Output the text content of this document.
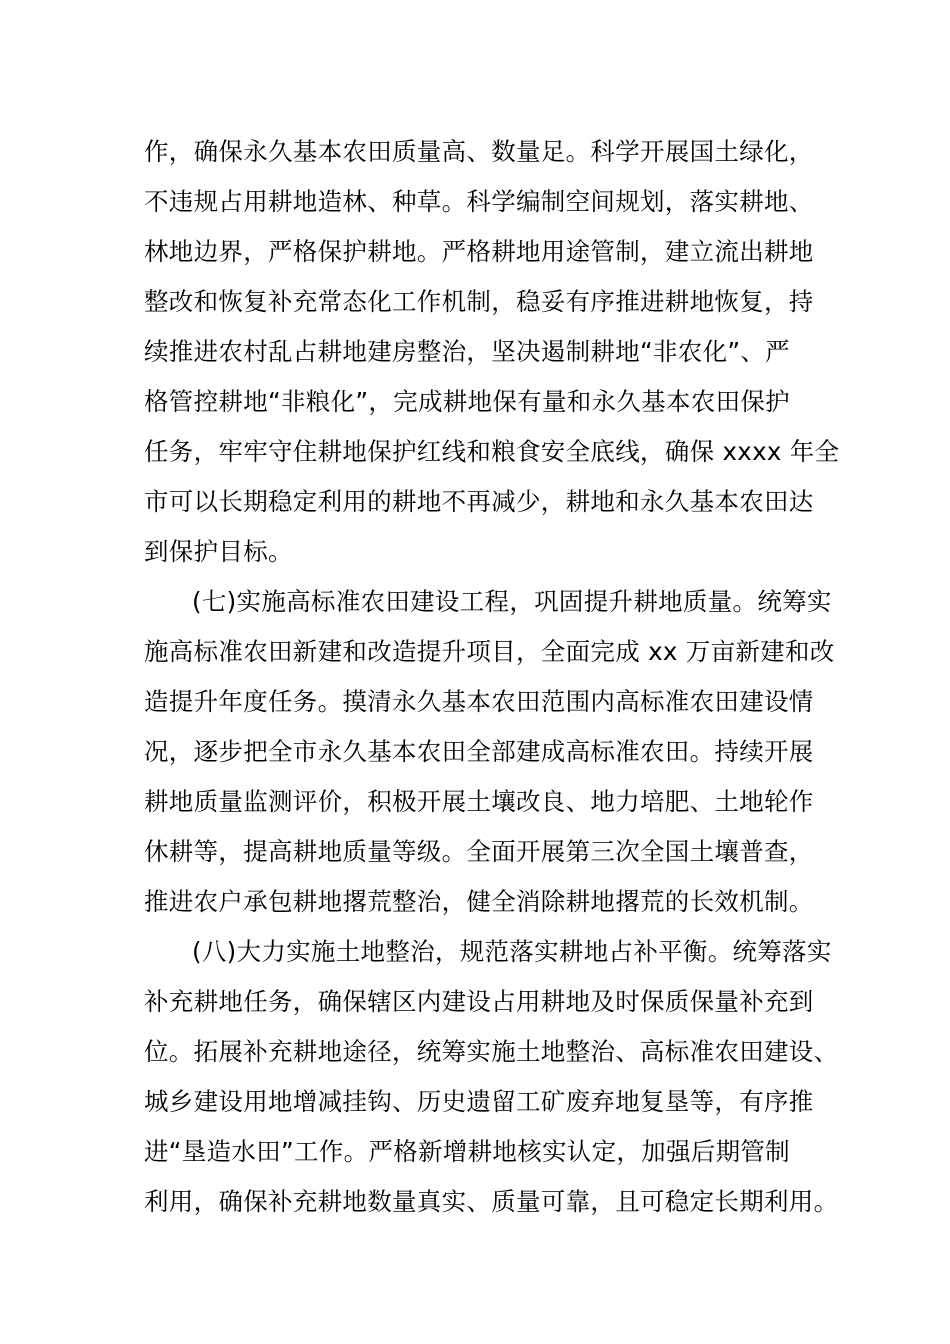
作，确保永久基本农田质量高、数量足。科学开展国土绿化，
不违规占用耕地造林、种草。科学编制空间规划，落实耕地、
林地边界，严格保护耕地。严格耕地用途管制，建立流出耕地
整改和恢复补充常态化工作机制，稳妥有序推进耕地恢复，持
续推进农村乱占耕地建房整治，坚决遏制耕地“非农化”、严
格管控耕地“非粮化”，完成耕地保有量和永久基本农田保护
任务，牢牢守住耕地保护红线和粮食安全底线，确保 xxxx 年全
市可以长期稳定利用的耕地不再减少，耕地和永久基本农田达
到保护目标。
(七)实施高标准农田建设工程，巩固提升耕地质量。统筹实
施高标准农田新建和改造提升项目，全面完成 xx 万亩新建和改
造提升年度任务。摸清永久基本农田范围内高标准农田建设情
况，逐步把全市永久基本农田全部建成高标准农田。持续开展
耕地质量监测评价，积极开展土壤改良、地力培肥、土地轮作
休耕等，提高耕地质量等级。全面开展第三次全国土壤普查，
推进农户承包耕地撂荒整治，健全消除耕地撂荒的长效机制。
(八)大力实施土地整治，规范落实耕地占补平衡。统筹落实
补充耕地任务，确保辖区内建设占用耕地及时保质保量补充到
位。拓展补充耕地途径，统筹实施土地整治、高标准农田建设、
城乡建设用地增减挂钩、历史遗留工矿废弃地复垦等，有序推
进“垦造水田”工作。严格新增耕地核实认定，加强后期管制
利用，确保补充耕地数量真实、质量可靠，且可稳定长期利用。
